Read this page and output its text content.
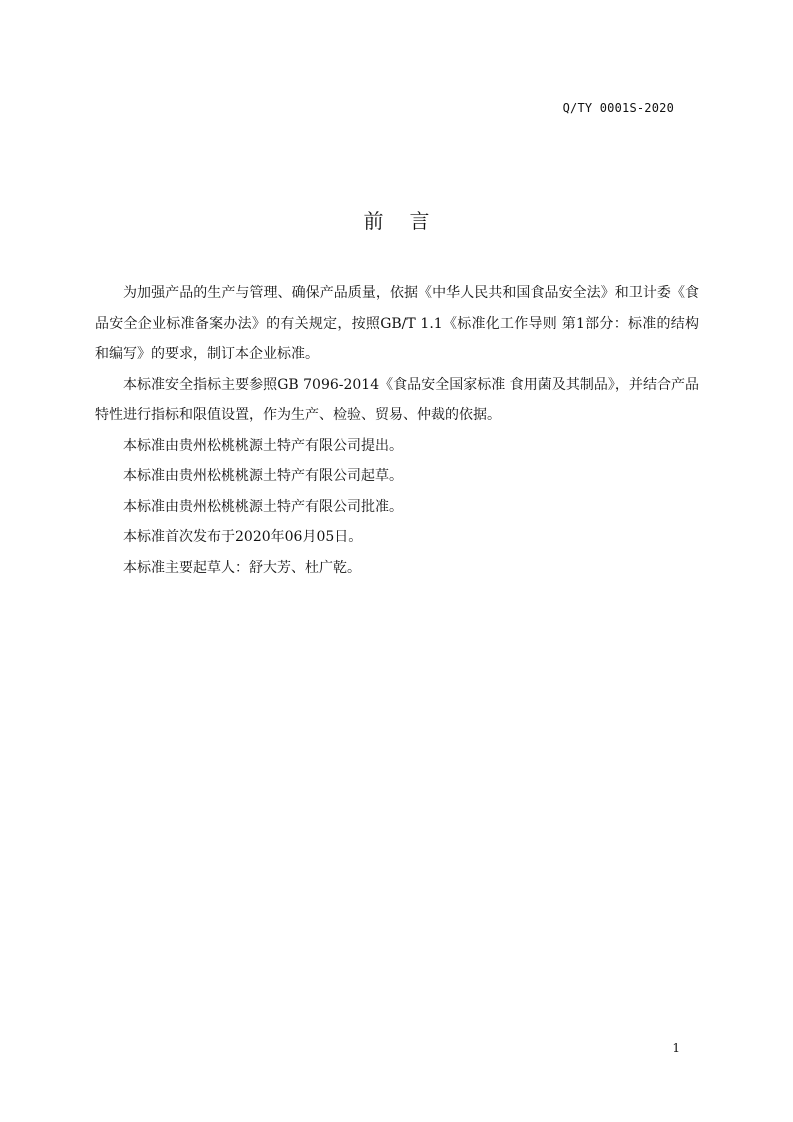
Q/TY 0001S-2020
前言

为加强产品的生产与管理、确保产品质量，依据《中华人民共和国食品安全法》和卫计委《食品安全企业标准备案办法》的有关规定，按照GB/T 1.1《标准化工作导则 第1部分：标准的结构和编写》的要求，制订本企业标准。

本标准安全指标主要参照GB 7096-2014《食品安全国家标准 食用菌及其制品》，并结合产品特性进行指标和限值设置，作为生产、检验、贸易、仲裁的依据。

本标准由贵州松桃桃源土特产有限公司提出。

本标准由贵州松桃桃源土特产有限公司起草。

本标准由贵州松桃桃源土特产有限公司批准。

本标准首次发布于2020年06月05日。

本标准主要起草人：舒大芳、杜广乾。

1
